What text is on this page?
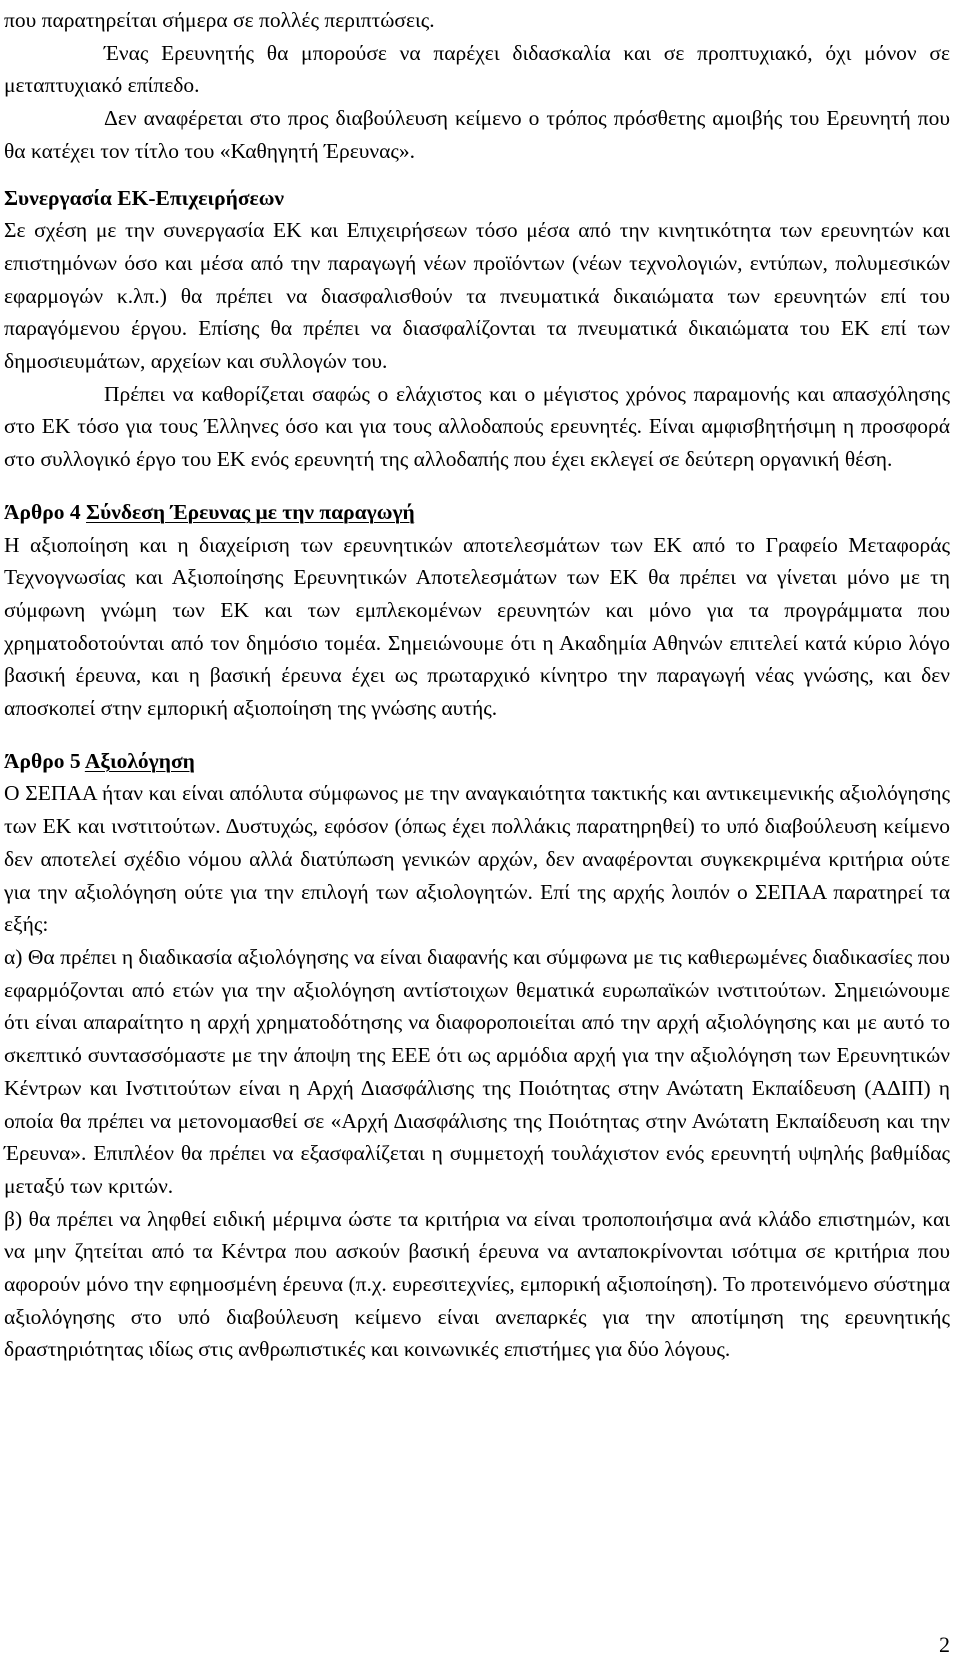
που παρατηρείται σήμερα σε πολλές περιπτώσεις.

Ένας Ερευνητής θα μπορούσε να παρέχει διδασκαλία και σε προπτυχιακό, όχι μόνον σε μεταπτυχιακό επίπεδο.

Δεν αναφέρεται στο προς διαβούλευση κείμενο ο τρόπος πρόσθετης αμοιβής του Ερευνητή που θα κατέχει τον τίτλο του «Καθηγητή Έρευνας».

Συνεργασία ΕΚ-Επιχειρήσεων

Σε σχέση με την συνεργασία ΕΚ και Επιχειρήσεων τόσο μέσα από την κινητικότητα των ερευνητών και επιστημόνων όσο και μέσα από την παραγωγή νέων προϊόντων (νέων τεχνολογιών, εντύπων, πολυμεσικών εφαρμογών κ.λπ.) θα πρέπει να διασφαλισθούν τα πνευματικά δικαιώματα των ερευνητών επί του παραγόμενου έργου. Επίσης θα πρέπει να διασφαλίζονται τα πνευματικά δικαιώματα του ΕΚ επί των δημοσιευμάτων, αρχείων και συλλογών του.

Πρέπει να καθορίζεται σαφώς ο ελάχιστος και ο μέγιστος χρόνος παραμονής και απασχόλησης στο ΕΚ τόσο για τους Έλληνες όσο και για τους αλλοδαπούς ερευνητές. Είναι αμφισβητήσιμη η προσφορά στο συλλογικό έργο του ΕΚ ενός ερευνητή της αλλοδαπής που έχει εκλεγεί σε δεύτερη οργανική θέση.

Άρθρο 4 Σύνδεση Έρευνας με την παραγωγή

Η αξιοποίηση και η διαχείριση των ερευνητικών αποτελεσμάτων των ΕΚ από το Γραφείο Μεταφοράς Τεχνογνωσίας και Αξιοποίησης Ερευνητικών Αποτελεσμάτων των ΕΚ θα πρέπει να γίνεται μόνο με τη σύμφωνη γνώμη των ΕΚ και των εμπλεκομένων ερευνητών και μόνο για τα προγράμματα που χρηματοδοτούνται από τον δημόσιο τομέα. Σημειώνουμε ότι η Ακαδημία Αθηνών επιτελεί κατά κύριο λόγο βασική έρευνα, και η βασική έρευνα έχει ως πρωταρχικό κίνητρο την παραγωγή νέας γνώσης, και δεν αποσκοπεί στην εμπορική αξιοποίηση της γνώσης αυτής.

Άρθρο 5 Αξιολόγηση

Ο ΣΕΠΑΑ ήταν και είναι απόλυτα σύμφωνος με την αναγκαιότητα τακτικής και αντικειμενικής αξιολόγησης των ΕΚ και ινστιτούτων. Δυστυχώς, εφόσον (όπως έχει πολλάκις παρατηρηθεί) το υπό διαβούλευση κείμενο δεν αποτελεί σχέδιο νόμου αλλά διατύπωση γενικών αρχών, δεν αναφέρονται συγκεκριμένα κριτήρια ούτε για την αξιολόγηση ούτε για την επιλογή των αξιολογητών. Επί της αρχής λοιπόν ο ΣΕΠΑΑ παρατηρεί τα εξής:

α) Θα πρέπει η διαδικασία αξιολόγησης να είναι διαφανής και σύμφωνα με τις καθιερωμένες διαδικασίες που εφαρμόζονται από ετών για την αξιολόγηση αντίστοιχων θεματικά ευρωπαϊκών ινστιτούτων. Σημειώνουμε ότι είναι απαραίτητο η αρχή χρηματοδότησης να διαφοροποιείται από την αρχή αξιολόγησης και με αυτό το σκεπτικό συντασσόμαστε με την άποψη της ΕΕΕ ότι ως αρμόδια αρχή για την αξιολόγηση των Ερευνητικών Κέντρων και Ινστιτούτων είναι η Αρχή Διασφάλισης της Ποιότητας στην Ανώτατη Εκπαίδευση (ΑΔΙΠ) η οποία θα πρέπει να μετονομασθεί σε «Αρχή Διασφάλισης της Ποιότητας στην Ανώτατη Εκπαίδευση και την Έρευνα». Επιπλέον θα πρέπει να εξασφαλίζεται η συμμετοχή τουλάχιστον ενός ερευνητή υψηλής βαθμίδας μεταξύ των κριτών.

β) θα πρέπει να ληφθεί ειδική μέριμνα ώστε τα κριτήρια να είναι τροποποιήσιμα ανά κλάδο επιστημών, και να μην ζητείται από τα Κέντρα που ασκούν βασική έρευνα να ανταποκρίνονται ισότιμα σε κριτήρια που αφορούν μόνο την εφημοσμένη έρευνα (π.χ. ευρεσιτεχνίες, εμπορική αξιοποίηση). Το προτεινόμενο σύστημα αξιολόγησης στο υπό διαβούλευση κείμενο είναι ανεπαρκές για την αποτίμηση της ερευνητικής δραστηριότητας ιδίως στις ανθρωπιστικές και κοινωνικές επιστήμες για δύο λόγους.

2
